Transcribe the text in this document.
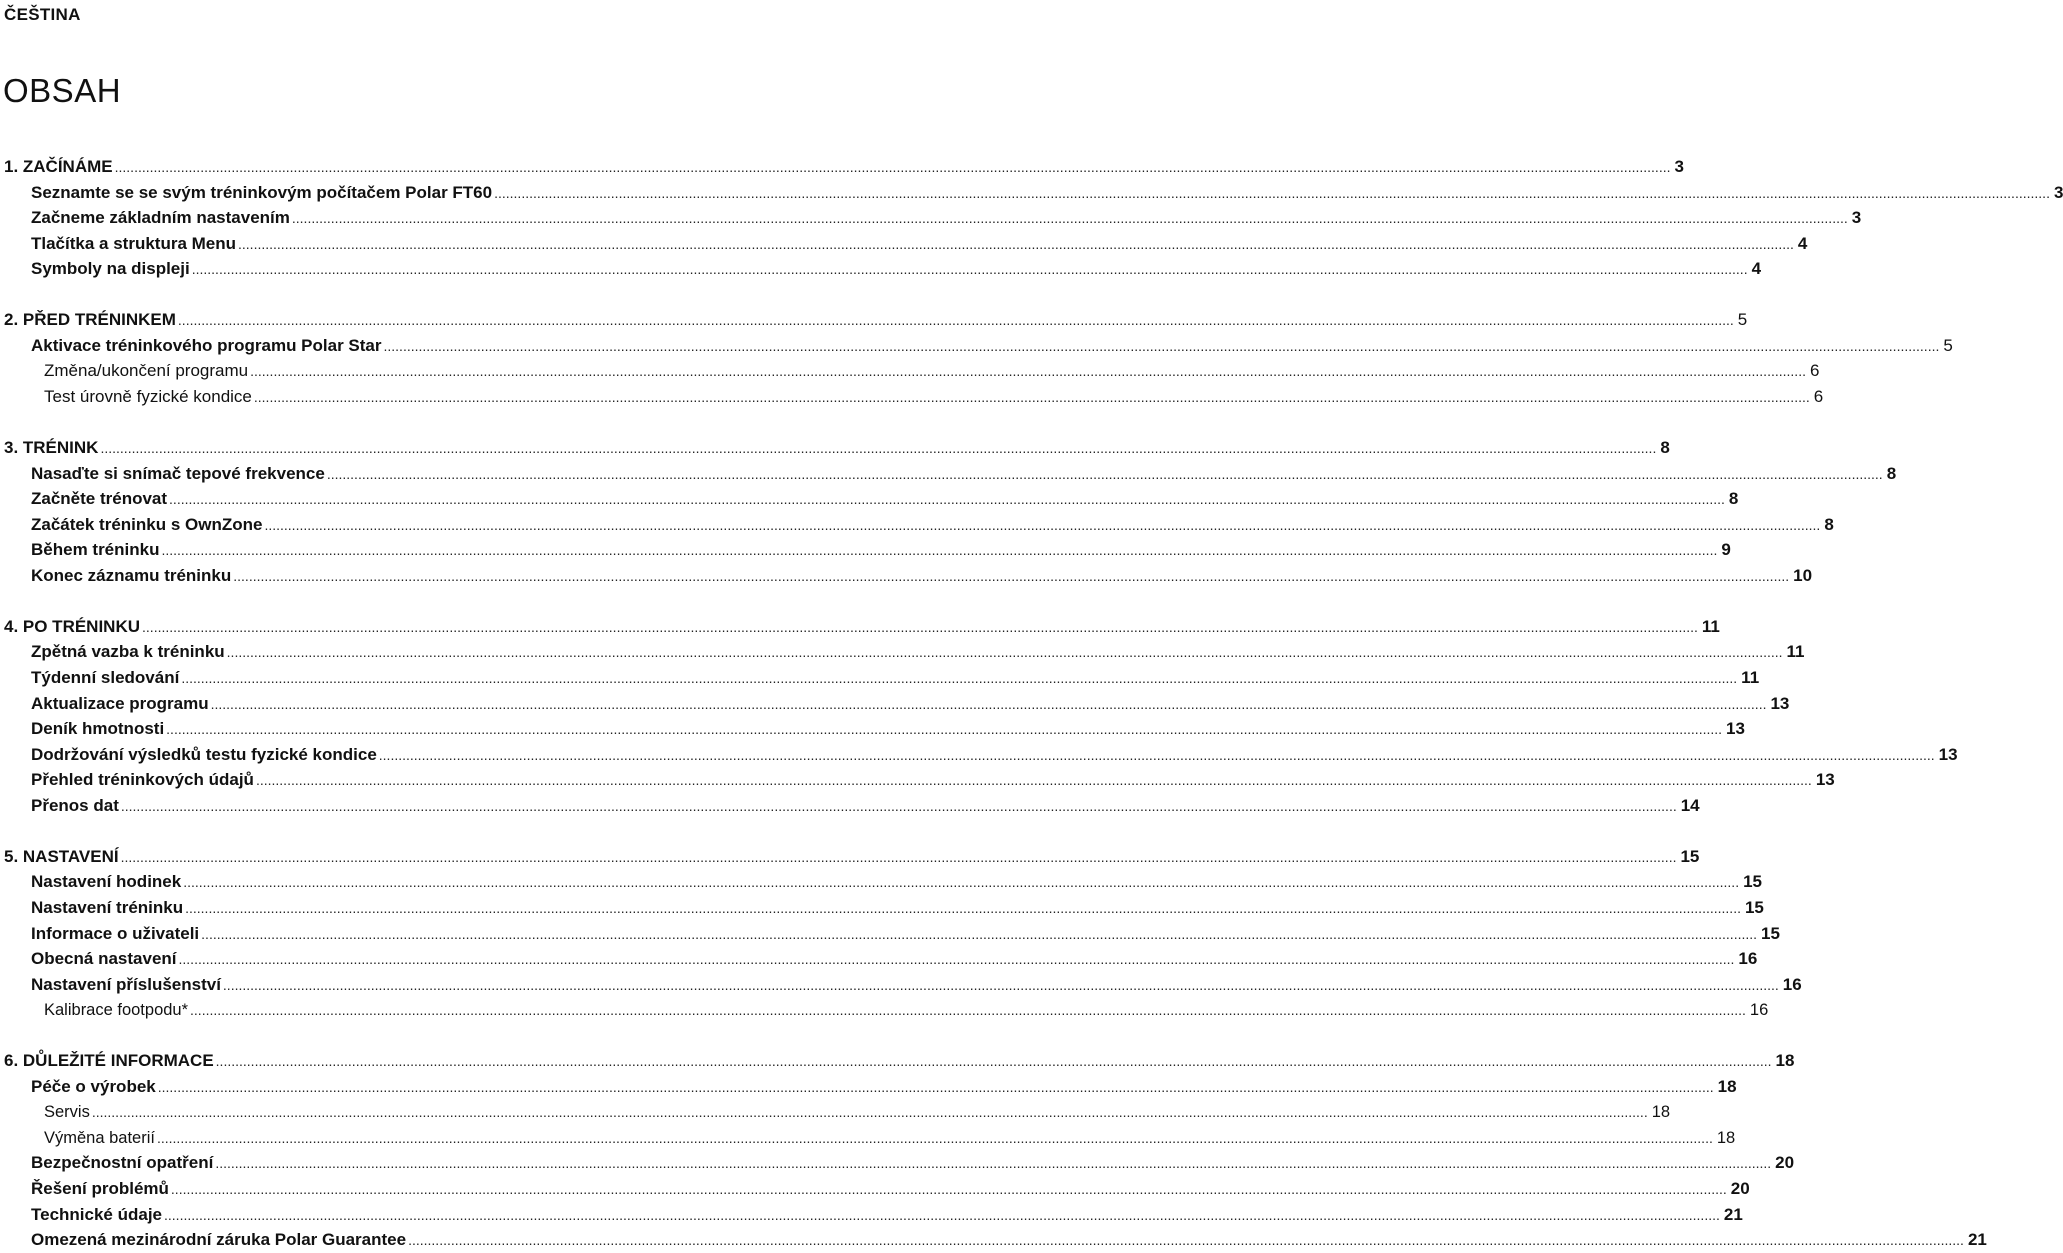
ČEŠTINA
OBSAH
1. ZAČÍNÁME ................................................................................................................................................................................................................................................................................................................................................................................................................ 3
Seznamte se se svým tréninkovým počítačem Polar FT60 ................................................................................................................................................................................................................................................................................................................................................................................................................ 3
Začneme základním nastavením ................................................................................................................................................................................................................................................................................................................................................................................................................ 3
Tlačítka a struktura Menu ................................................................................................................................................................................................................................................................................................................................................................................................................ 4
Symboly na displeji ................................................................................................................................................................................................................................................................................................................................................................................................................ 4
2. PŘED TRÉNINKEM ................................................................................................................................................................................................................................................................................................................................................................................................................ 5
Aktivace tréninkového programu Polar Star ................................................................................................................................................................................................................................................................................................................................................................................................................ 5
Změna/ukončení programu ................................................................................................................................................................................................................................................................................................................................................................................................................ 6
Test úrovně fyzické kondice ................................................................................................................................................................................................................................................................................................................................................................................................................ 6
3. TRÉNINK ................................................................................................................................................................................................................................................................................................................................................................................................................ 8
Nasaďte si snímač tepové frekvence ................................................................................................................................................................................................................................................................................................................................................................................................................ 8
Začněte trénovat ................................................................................................................................................................................................................................................................................................................................................................................................................ 8
Začátek tréninku s OwnZone ................................................................................................................................................................................................................................................................................................................................................................................................................ 8
Během tréninku ................................................................................................................................................................................................................................................................................................................................................................................................................ 9
Konec záznamu tréninku ................................................................................................................................................................................................................................................................................................................................................................................................................ 10
4. PO TRÉNINKU ................................................................................................................................................................................................................................................................................................................................................................................................................ 11
Zpětná vazba k tréninku ................................................................................................................................................................................................................................................................................................................................................................................................................ 11
Týdenní sledování ................................................................................................................................................................................................................................................................................................................................................................................................................ 11
Aktualizace programu ................................................................................................................................................................................................................................................................................................................................................................................................................ 13
Deník hmotnosti ................................................................................................................................................................................................................................................................................................................................................................................................................ 13
Dodržování výsledků testu fyzické kondice ................................................................................................................................................................................................................................................................................................................................................................................................................ 13
Přehled tréninkových údajů ................................................................................................................................................................................................................................................................................................................................................................................................................ 13
Přenos dat ................................................................................................................................................................................................................................................................................................................................................................................................................ 14
5. NASTAVENÍ ................................................................................................................................................................................................................................................................................................................................................................................................................ 15
Nastavení hodinek ................................................................................................................................................................................................................................................................................................................................................................................................................ 15
Nastavení tréninku ................................................................................................................................................................................................................................................................................................................................................................................................................ 15
Informace o uživateli ................................................................................................................................................................................................................................................................................................................................................................................................................ 15
Obecná nastavení ................................................................................................................................................................................................................................................................................................................................................................................................................ 16
Nastavení příslušenství ................................................................................................................................................................................................................................................................................................................................................................................................................ 16
Kalibrace footpodu* ................................................................................................................................................................................................................................................................................................................................................................................................................ 16
6. DŮLEŽITÉ INFORMACE ................................................................................................................................................................................................................................................................................................................................................................................................................ 18
Péče o výrobek ................................................................................................................................................................................................................................................................................................................................................................................................................ 18
Servis ................................................................................................................................................................................................................................................................................................................................................................................................................ 18
Výměna baterií ................................................................................................................................................................................................................................................................................................................................................................................................................ 18
Bezpečnostní opatření ................................................................................................................................................................................................................................................................................................................................................................................................................ 20
Řešení problémů ................................................................................................................................................................................................................................................................................................................................................................................................................ 20
Technické údaje ................................................................................................................................................................................................................................................................................................................................................................................................................ 21
Omezená mezinárodní záruka Polar Guarantee ................................................................................................................................................................................................................................................................................................................................................................................................................ 21
